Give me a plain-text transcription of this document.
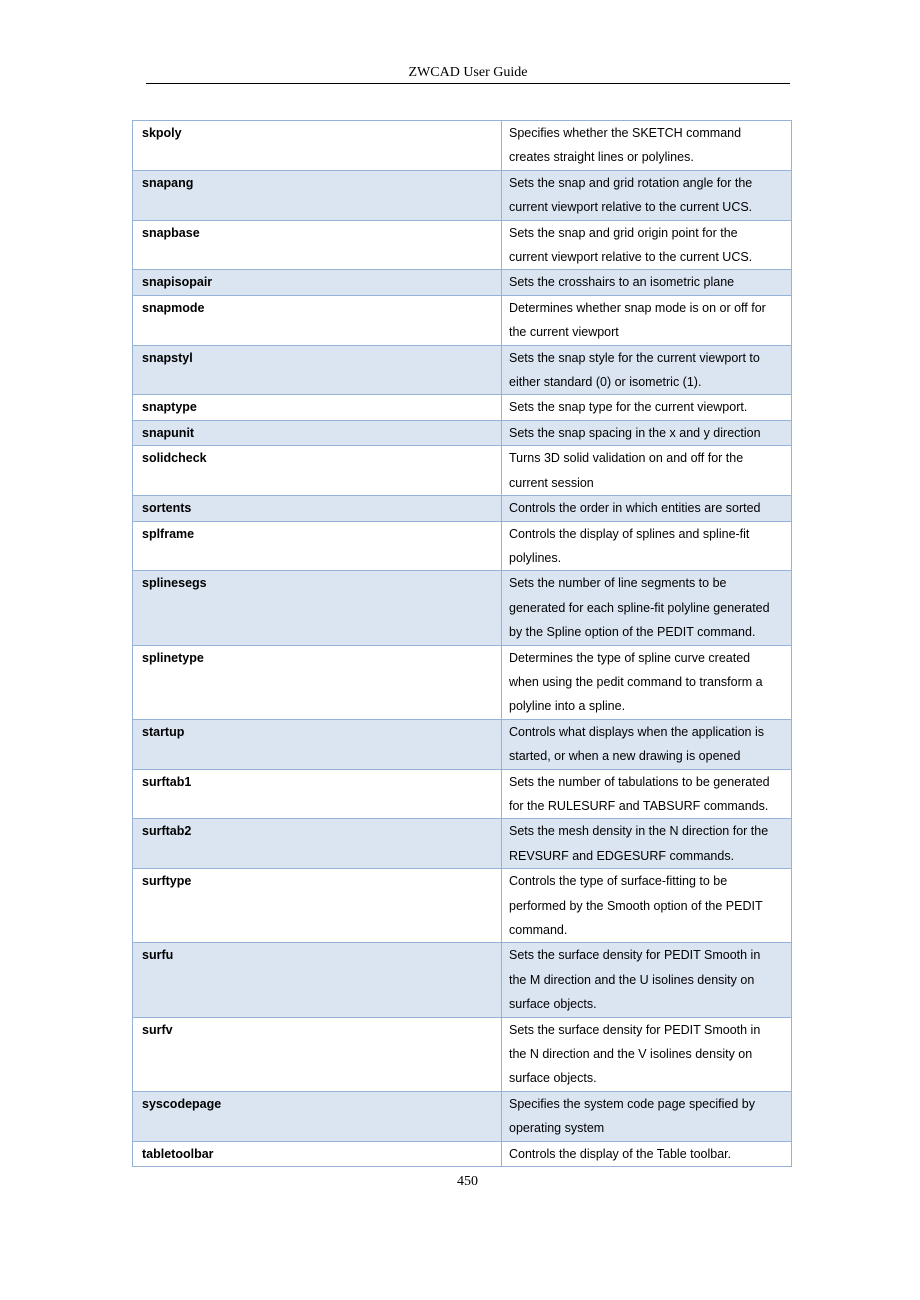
ZWCAD User Guide
skpoly	Specifies whether the SKETCH command
creates straight lines or polylines.

snapang	Sets the snap and grid rotation angle for the
current viewport relative to the current UCS.

snapbase	Sets the snap and grid origin point for the
current viewport relative to the current UCS.

snapisopair	Sets the crosshairs to an isometric plane

snapmode	Determines whether snap mode is on or off for
the current viewport

snapstyl	Sets the snap style for the current viewport to
either standard (0) or isometric (1).

snaptype	Sets the snap type for the current viewport.

snapunit	Sets the snap spacing in the x and y direction

solidcheck	Turns 3D solid validation on and off for the
current session

sortents	Controls the order in which entities are sorted

splframe	Controls the display of splines and spline-fit
polylines.

splinesegs	Sets the number of line segments to be
generated for each spline-fit polyline generated
by the Spline option of the PEDIT command.

splinetype	Determines the type of spline curve created
when using the pedit command to transform a
polyline into a spline.

startup	Controls what displays when the application is
started, or when a new drawing is opened

surftab1	Sets the number of tabulations to be generated
for the RULESURF and TABSURF commands.

surftab2	Sets the mesh density in the N direction for the
REVSURF and EDGESURF commands.

surftype	Controls the type of surface-fitting to be
performed by the Smooth option of the PEDIT
command.

surfu	Sets the surface density for PEDIT Smooth in
the M direction and the U isolines density on
surface objects.

surfv	Sets the surface density for PEDIT Smooth in
the N direction and the V isolines density on
surface objects.

syscodepage	Specifies the system code page specified by
operating system

tabletoolbar	Controls the display of the Table toolbar.
450
